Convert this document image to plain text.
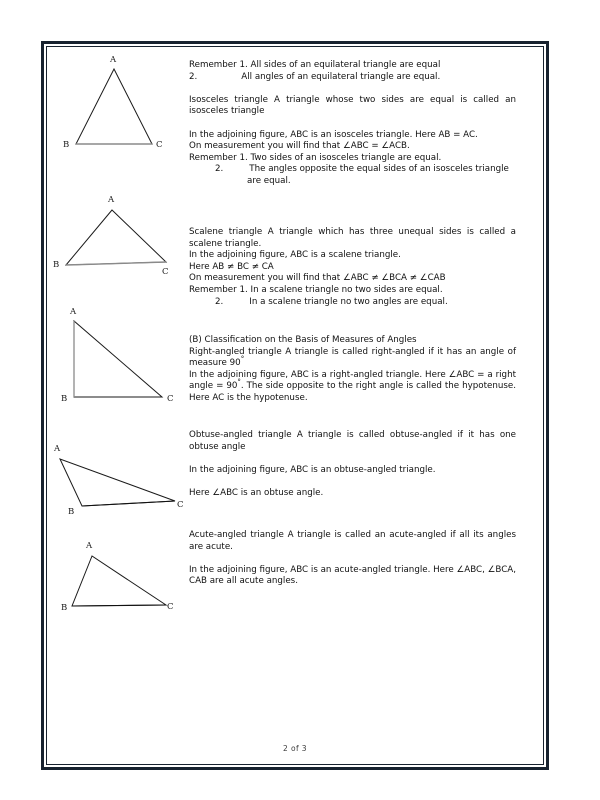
A
B	C

Remember 1. All sides of an equilateral triangle are equal

2.	All angles of an equilateral triangle are equal.

Isosceles triangle A triangle whose two sides are equal is called an isosceles triangle

In the adjoining figure, ABC is an isosceles triangle. Here AB = AC.

On measurement you will find that ∠ABC = ∠ACB.

Remember 1. Two sides of an isosceles triangle are equal.

2.	The angles opposite the equal sides of an isosceles triangle are equal.

A
B
C

Scalene triangle A triangle which has three unequal sides is called a scalene triangle.

In the adjoining figure, ABC is a scalene triangle.

Here AB ≠ BC ≠ CA

On measurement you will find that ∠ABC ≠ ∠BCA ≠ ∠CAB

Remember 1. In a scalene triangle no two sides are equal.

2.	In a scalene triangle no two angles are equal.

A
B	C

(B) Classification on the Basis of Measures of Angles

Right-angled triangle A triangle is called right-angled if it has an angle of measure 90°

In the adjoining figure, ABC is a right-angled triangle. Here ∠ABC = a right angle = 90°. The side opposite to the right angle is called the hypotenuse. Here AC is the hypotenuse.

A
B
C

Obtuse-angled triangle A triangle is called obtuse-angled if it has one obtuse angle

In the adjoining figure, ABC is an obtuse-angled triangle.

Here ∠ABC is an obtuse angle.

A
B	C

Acute-angled triangle A triangle is called an acute-angled if all its angles are acute.

In the adjoining figure, ABC is an acute-angled triangle. Here ∠ABC, ∠BCA, CAB are all acute angles.

2 of 3
